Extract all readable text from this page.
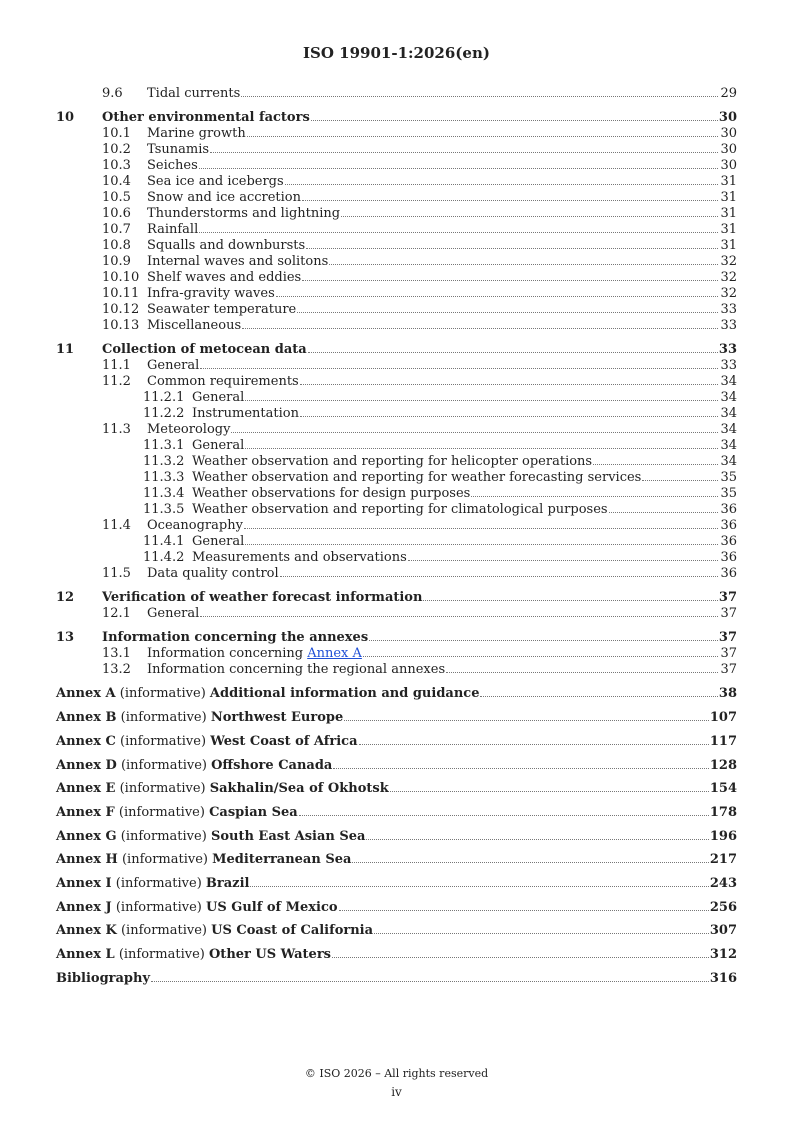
ISO 19901-1:2026(en)
9.6 Tidal currents	29
10 Other environmental factors	30
10.1 Marine growth	30
10.2 Tsunamis	30
10.3 Seiches	30
10.4 Sea ice and icebergs	31
10.5 Snow and ice accretion	31
10.6 Thunderstorms and lightning	31
10.7 Rainfall	31
10.8 Squalls and downbursts	31
10.9 Internal waves and solitons	32
10.10 Shelf waves and eddies	32
10.11 Infra-gravity waves	32
10.12 Seawater temperature	33
10.13 Miscellaneous	33
11 Collection of metocean data	33
11.1 General	33
11.2 Common requirements	34
11.2.1 General	34
11.2.2 Instrumentation	34
11.3 Meteorology	34
11.3.1 General	34
11.3.2 Weather observation and reporting for helicopter operations	34
11.3.3 Weather observation and reporting for weather forecasting services	35
11.3.4 Weather observations for design purposes	35
11.3.5 Weather observation and reporting for climatological purposes	36
11.4 Oceanography	36
11.4.1 General	36
11.4.2 Measurements and observations	36
11.5 Data quality control	36
12 Verification of weather forecast information	37
12.1 General	37
13 Information concerning the annexes	37
13.1 Information concerning Annex A	37
13.2 Information concerning the regional annexes	37
Annex A (informative) Additional information and guidance	38
Annex B (informative) Northwest Europe	107
Annex C (informative) West Coast of Africa	117
Annex D (informative) Offshore Canada	128
Annex E (informative) Sakhalin/Sea of Okhotsk	154
Annex F (informative) Caspian Sea	178
Annex G (informative) South East Asian Sea	196
Annex H (informative) Mediterranean Sea	217
Annex I (informative) Brazil	243
Annex J (informative) US Gulf of Mexico	256
Annex K (informative) US Coast of California	307
Annex L (informative) Other US Waters	312
Bibliography	316
© ISO 2026 – All rights reserved
iv
